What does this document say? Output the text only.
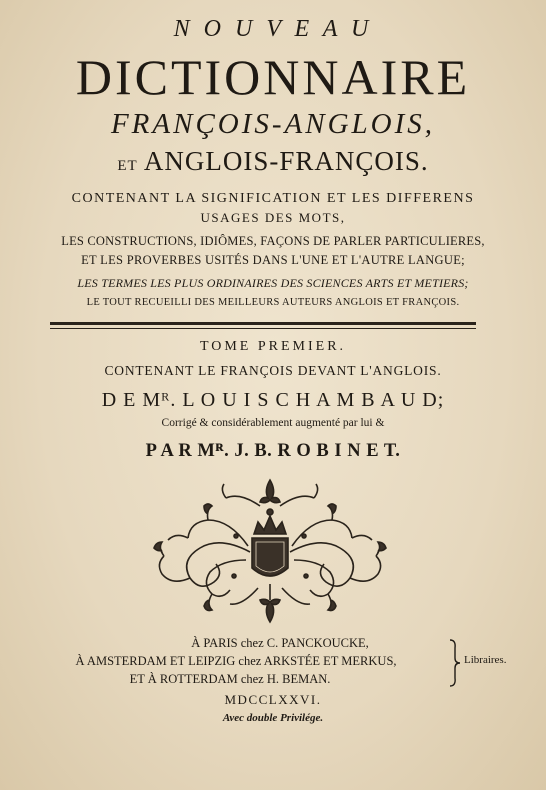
N O U V E A U
DICTIONNAIRE
FRANÇOIS-ANGLOIS,
ET ANGLOIS-FRANÇOIS.
CONTENANT LA SIGNIFICATION ET LES DIFFERENS
USAGES DES MOTS,
LES CONSTRUCTIONS, IDIÔMES, FAÇONS DE PARLER PARTICULIERES,
ET LES PROVERBES USITÉS DANS L'UNE ET L'AUTRE LANGUE;
LES TERMES LES PLUS ORDINAIRES DES SCIENCES ARTS ET METIERS;
LE TOUT RECUEILLI DES MEILLEURS AUTEURS ANGLOIS ET FRANÇOIS.
TOME PREMIER.
CONTENANT LE FRANÇOIS DEVANT L'ANGLOIS.
D E Mᴿ. L O U I S C H A M B A U D;
Corrigé & considérablement augmenté par lui &
P A R Mᴿ. J. B. R O B I N E T.
À PARIS chez C. PANCKOUCKE,
À AMSTERDAM ET LEIPZIG chez ARKSTÉE ET MERKUS,
ET À ROTTERDAM chez H. BEMAN.
Libraires.
MDCCLXXVI.
Avec double Privilége.
